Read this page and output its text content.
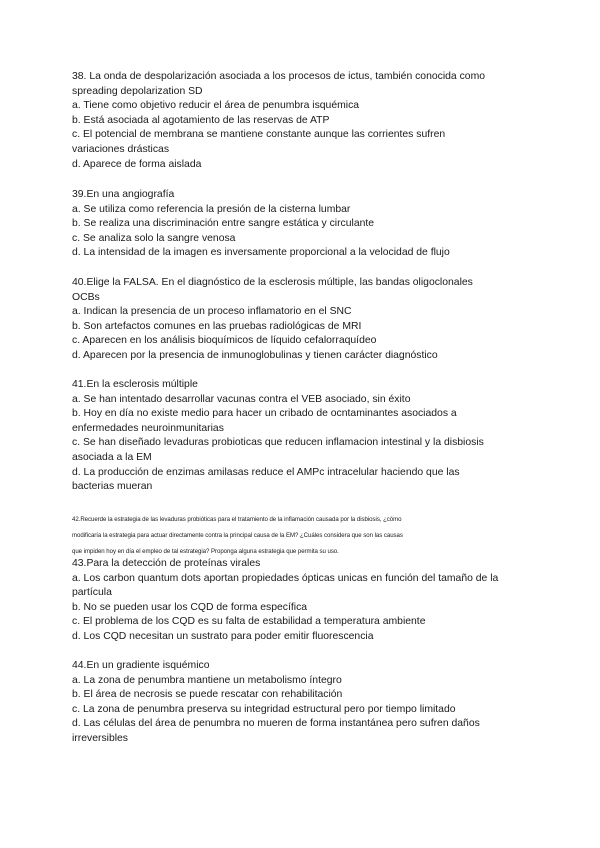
38. La onda de despolarización asociada a los procesos de ictus, también conocida como

spreading depolarization SD

a. Tiene como objetivo reducir el área de penumbra isquémica

b. Está asociada al agotamiento de las reservas de ATP

c. El potencial de membrana se mantiene constante aunque las corrientes sufren

variaciones drásticas

d. Aparece de forma aislada

39.En una angiografía

a. Se utiliza como referencia la presión de la cisterna lumbar

b. Se realiza una discriminación entre sangre estática y circulante

c. Se analiza solo la sangre venosa

d. La intensidad de la imagen es inversamente proporcional a la velocidad de flujo

40.Elige la FALSA. En el diagnóstico de la esclerosis múltiple, las bandas oligoclonales

OCBs

a. Indican la presencia de un proceso inflamatorio en el SNC

b. Son artefactos comunes en las pruebas radiológicas de MRI

c. Aparecen en los análisis bioquímicos de líquido cefalorraquídeo

d. Aparecen por la presencia de inmunoglobulinas y tienen carácter diagnóstico

41.En la esclerosis múltiple

a. Se han intentado desarrollar vacunas contra el VEB asociado, sin éxito

b. Hoy en día no existe medio para hacer un cribado de ocntaminantes asociados a

enfermedades neuroinmunitarias

c. Se han diseñado levaduras probioticas que reducen inflamacion intestinal y la disbiosis

asociada a la EM

d. La producción de enzimas amilasas reduce el AMPc intracelular haciendo que las

bacterias mueran

42.Recuerde la estrategia de las levaduras probióticas para el tratamiento de la inflamación causada por la disbiosis, ¿cómo

modificaría la estrategia para actuar directamente contra la principal causa de la EM? ¿Cuáles considera que son las causas

que impiden hoy en día el empleo de tal estrategia? Proponga alguna estrategia que permita su uso.

43.Para la detección de proteínas virales

a. Los carbon quantum dots aportan propiedades ópticas unicas en función del tamaño de la

partícula

b. No se pueden usar los CQD de forma específica

c. El problema de los CQD es su falta de estabilidad a temperatura ambiente

d. Los CQD necesitan un sustrato para poder emitir fluorescencia

44.En un gradiente isquémico

a. La zona de penumbra mantiene un metabolismo íntegro

b. El área de necrosis se puede rescatar con rehabilitación

c. La zona de penumbra preserva su integridad estructural pero por tiempo limitado

d. Las células del área de penumbra no mueren de forma instantánea pero sufren daños

irreversibles
